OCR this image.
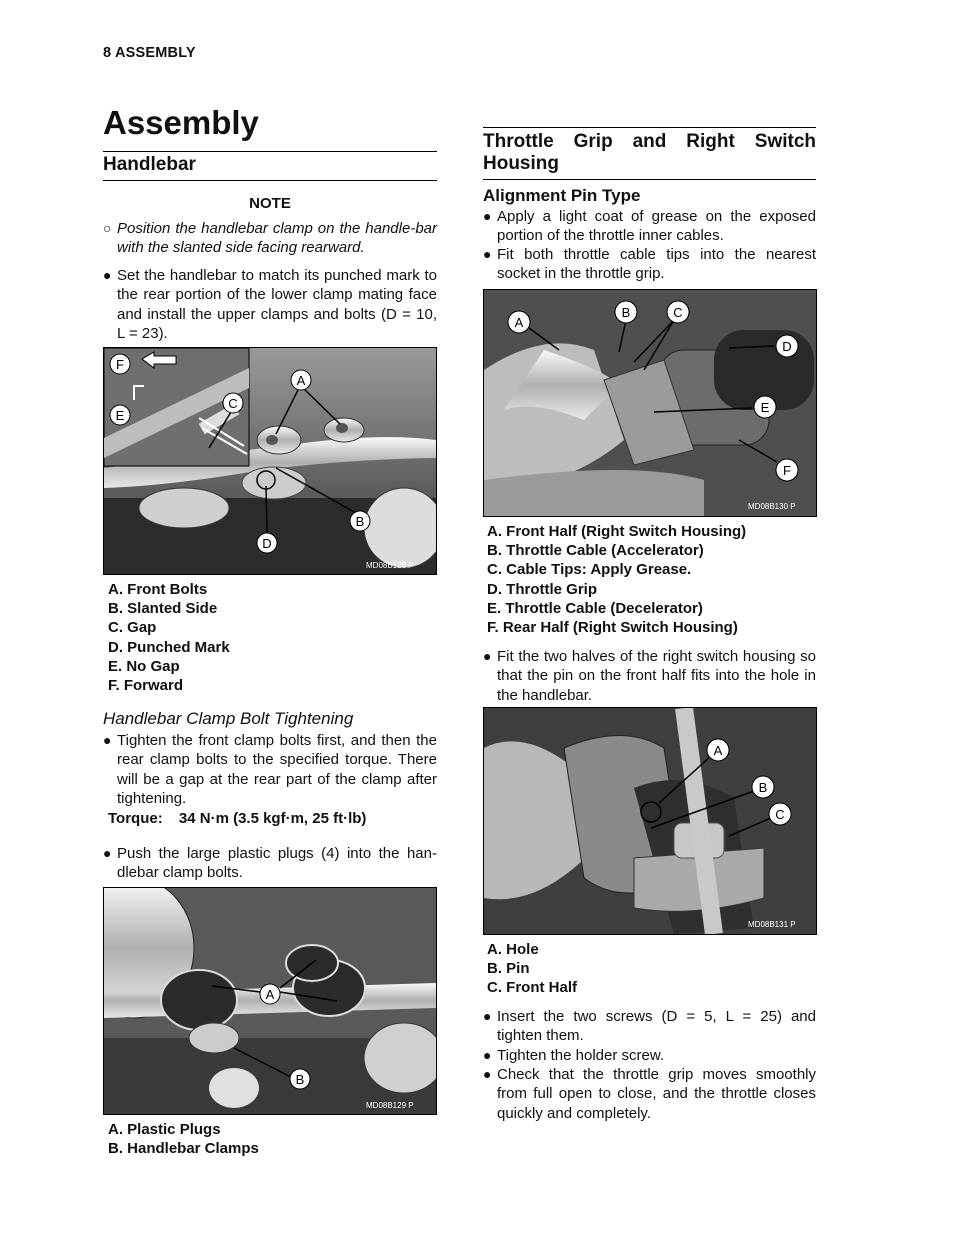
8 ASSEMBLY
Assembly
Handlebar
NOTE
○ Position the handlebar clamp on the handle-bar with the slanted side facing rearward.
● Set the handlebar to match its punched mark to the rear portion of the lower clamp mating face and install the upper clamps and bolts (D = 10, L = 23).
A
B
C
D
E
F
MD08B128 P
A. Front Bolts
B. Slanted Side
C. Gap
D. Punched Mark
E. No Gap
F. Forward
Handlebar Clamp Bolt Tightening
● Tighten the front clamp bolts first, and then the rear clamp bolts to the specified torque. There will be a gap at the rear part of the clamp after tightening.
Torque: 34 N·m (3.5 kgf·m, 25 ft·lb)
● Push the large plastic plugs (4) into the han-dlebar clamp bolts.
A
B
MD08B129 P
A. Plastic Plugs
B. Handlebar Clamps
Throttle Grip and Right Switch Housing
Alignment Pin Type
● Apply a light coat of grease on the exposed portion of the throttle inner cables.
● Fit both throttle cable tips into the nearest socket in the throttle grip.
A
B	C
D
E
F
MD08B130 P
A. Front Half (Right Switch Housing)
B. Throttle Cable (Accelerator)
C. Cable Tips: Apply Grease.
D. Throttle Grip
E. Throttle Cable (Decelerator)
F. Rear Half (Right Switch Housing)
● Fit the two halves of the right switch housing so that the pin on the front half fits into the hole in the handlebar.
A
B
C
MD08B131 P
A. Hole
B. Pin
C. Front Half
● Insert the two screws (D = 5, L = 25) and tighten them.
● Tighten the holder screw.
● Check that the throttle grip moves smoothly from full open to close, and the throttle closes quickly and completely.
